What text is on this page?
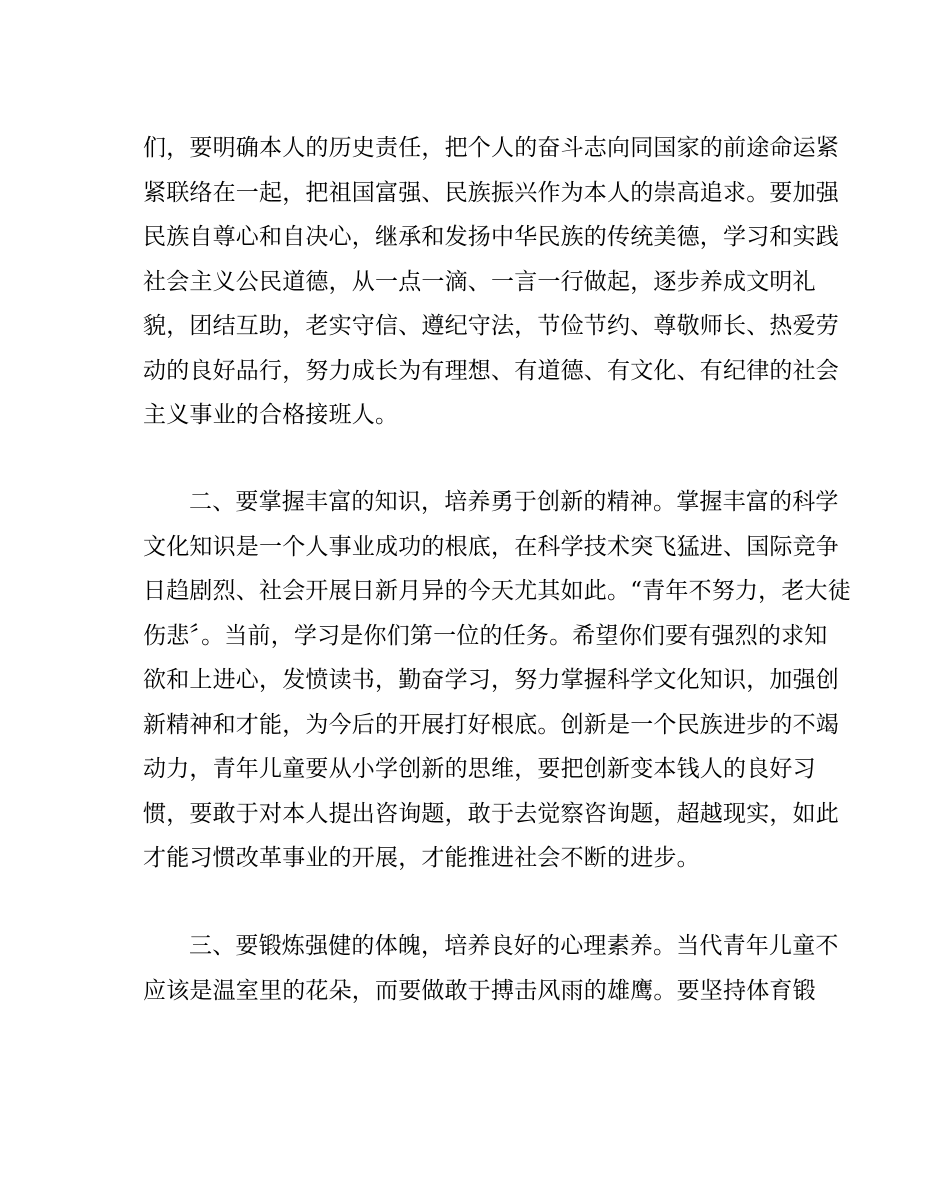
们，要明确本人的历史责任，把个人的奋斗志向同国家的前途命运紧
紧联络在一起，把祖国富强、民族振兴作为本人的崇高追求。要加强
民族自尊心和自决心，继承和发扬中华民族的传统美德，学习和实践
社会主义公民道德，从一点一滴、一言一行做起，逐步养成文明礼
貌，团结互助，老实守信、遵纪守法，节俭节约、尊敬师长、热爱劳
动的良好品行，努力成长为有理想、有道德、有文化、有纪律的社会
主义事业的合格接班人。
二、要掌握丰富的知识，培养勇于创新的精神。掌握丰富的科学
文化知识是一个人事业成功的根底，在科学技术突飞猛进、国际竞争
日趋剧烈、社会开展日新月异的今天尤其如此。“青年不努力，老大徒
伤悲〞。当前，学习是你们第一位的任务。希望你们要有强烈的求知
欲和上进心，发愤读书，勤奋学习，努力掌握科学文化知识，加强创
新精神和才能，为今后的开展打好根底。创新是一个民族进步的不竭
动力，青年儿童要从小学创新的思维，要把创新变本钱人的良好习
惯，要敢于对本人提出咨询题，敢于去觉察咨询题，超越现实，如此
才能习惯改革事业的开展，才能推进社会不断的进步。
三、要锻炼强健的体魄，培养良好的心理素养。当代青年儿童不
应该是温室里的花朵，而要做敢于搏击风雨的雄鹰。要坚持体育锻
